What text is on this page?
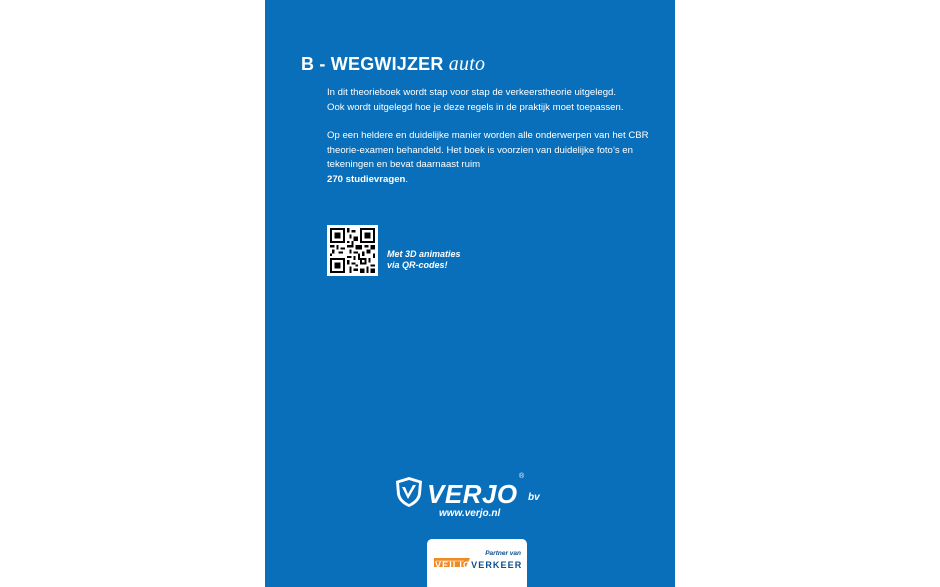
B - WEGWIJZER auto
In dit theorieboek wordt stap voor stap de verkeerstheorie uitgelegd.
Ook wordt uitgelegd hoe je deze regels in de praktijk moet toepassen.
Op een heldere en duidelijke manier worden alle onderwerpen van het CBR
theorie-examen behandeld. Het boek is voorzien van duidelijke foto’s en
tekeningen en bevat daarnaast ruim
270 studievragen.
Met 3D animaties
via QR-codes!
VERJO
®
bv
www.verjo.nl
Partner van
VEILIGVERKEER
